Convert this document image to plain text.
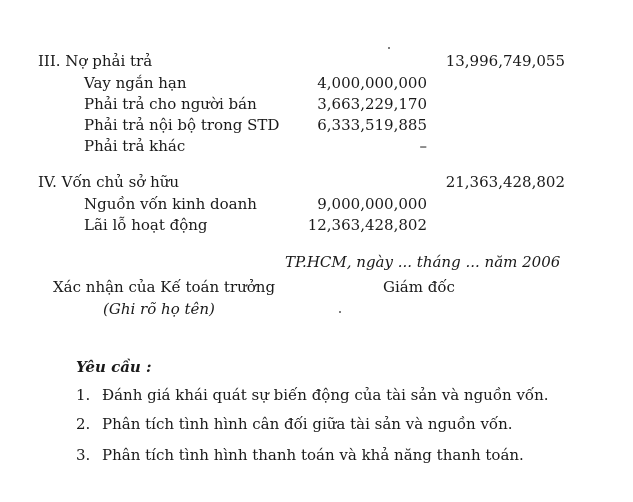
III. Nợ phải trả	13,996,749,055
Vay ngắn hạn	4,000,000,000
Phải trả cho người bán	3,663,229,170
Phải trả nội bộ trong STD	6,333,519,885
Phải trả khác	–
IV. Vốn chủ sở hữu	21,363,428,802
Nguồn vốn kinh doanh	9,000,000,000
Lãi lỗ hoạt động	12,363,428,802
TP.HCM, ngày ... tháng ... năm 2006
Xác nhận của Kế toán trưởng	Giám đốc
(Ghi rõ họ tên)
Yêu cầu :
1. Đánh giá khái quát sự biến động của tài sản và nguồn vốn.
2. Phân tích tình hình cân đối giữa tài sản và nguồn vốn.
3. Phân tích tình hình thanh toán và khả năng thanh toán.
